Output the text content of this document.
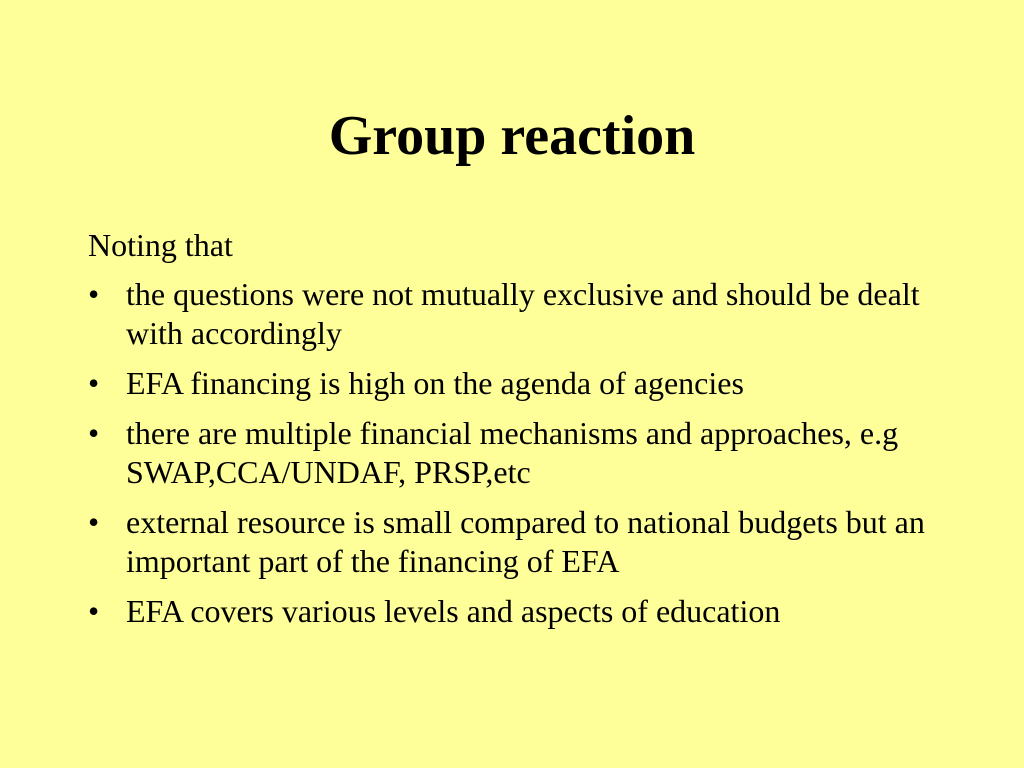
Group reaction

Noting that

• the questions were not mutually exclusive and should be dealt with accordingly
• EFA financing is high on the agenda of agencies
• there are multiple financial mechanisms and approaches, e.g SWAP,CCA/UNDAF, PRSP,etc
• external resource is small compared to national budgets but an important part of the financing of EFA
• EFA covers various levels and aspects of education
